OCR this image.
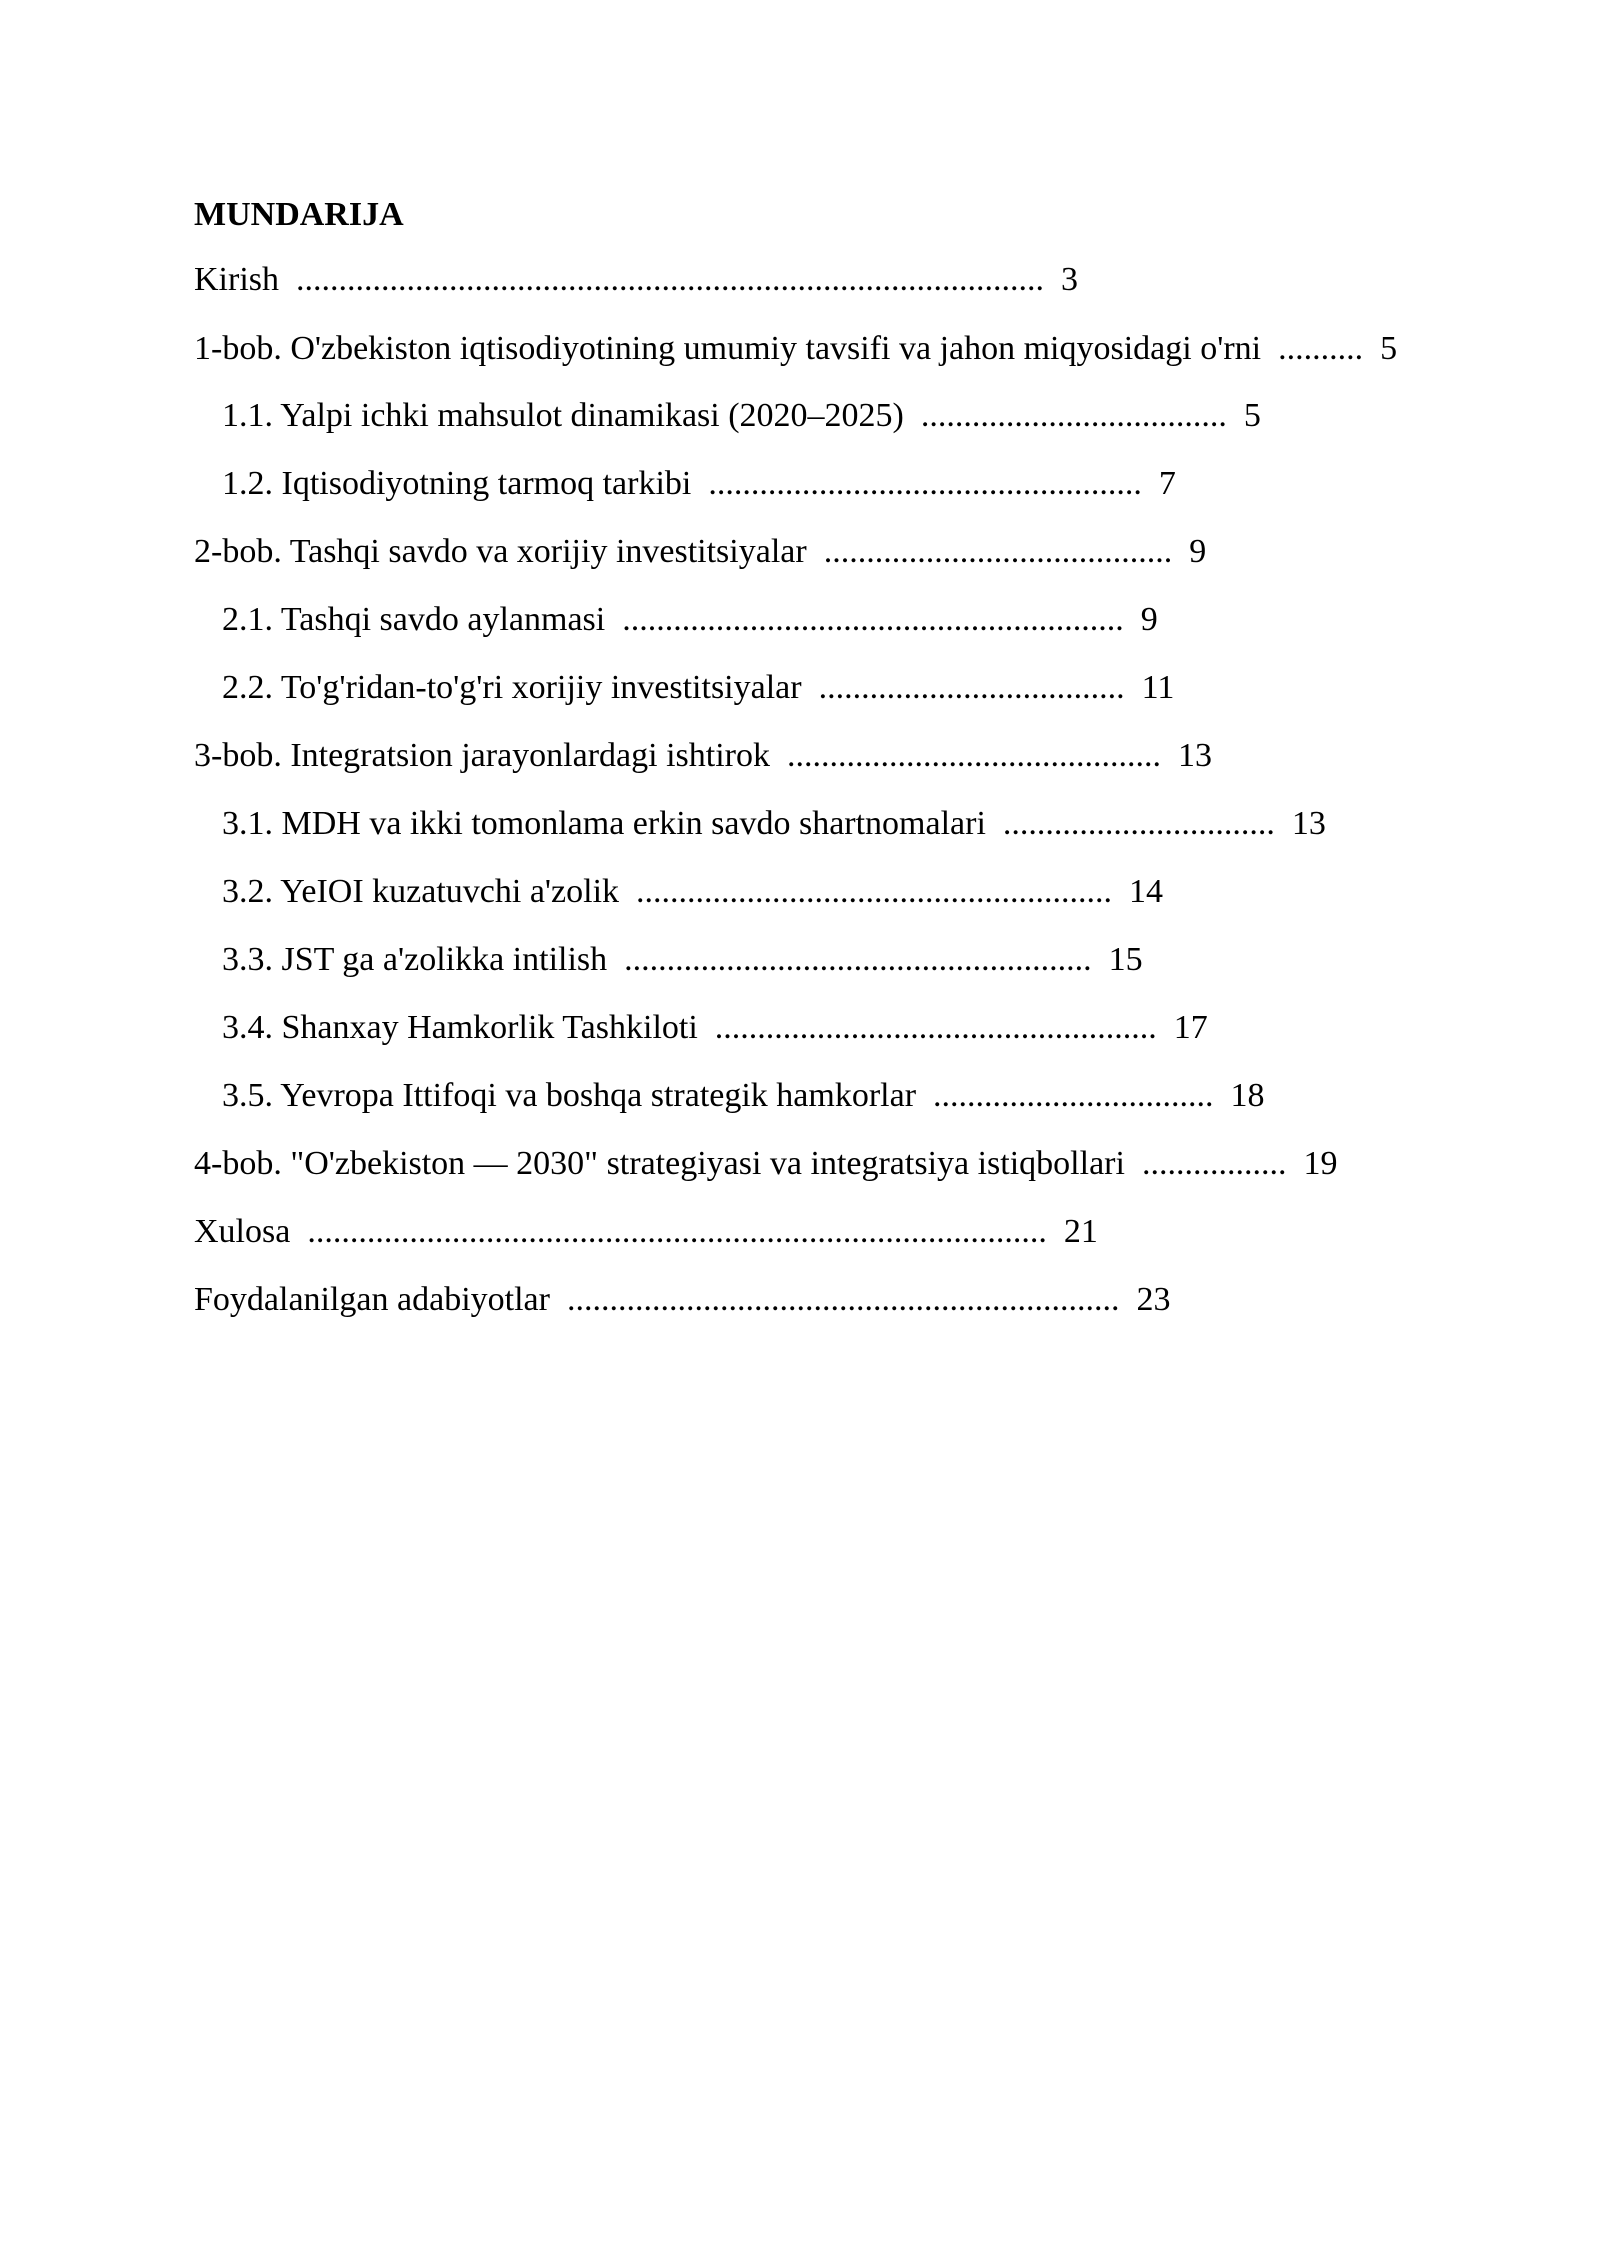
MUNDARIJA
Kirish ........................................................................................ 3
1-bob. O'zbekiston iqtisodiyotining umumiy tavsifi va jahon miqyosidagi o'rni .......... 5
1.1. Yalpi ichki mahsulot dinamikasi (2020–2025) .................................... 5
1.2. Iqtisodiyotning tarmoq tarkibi ................................................... 7
2-bob. Tashqi savdo va xorijiy investitsiyalar ......................................... 9
2.1. Tashqi savdo aylanmasi ........................................................... 9
2.2. To'g'ridan-to'g'ri xorijiy investitsiyalar .................................... 11
3-bob. Integratsion jarayonlardagi ishtirok ............................................ 13
3.1. MDH va ikki tomonlama erkin savdo shartnomalari ................................ 13
3.2. YeIOI kuzatuvchi a'zolik ........................................................ 14
3.3. JST ga a'zolikka intilish ....................................................... 15
3.4. Shanxay Hamkorlik Tashkiloti .................................................... 17
3.5. Yevropa Ittifoqi va boshqa strategik hamkorlar ................................. 18
4-bob. "O'zbekiston — 2030" strategiyasi va integratsiya istiqbollari ................. 19
Xulosa ....................................................................................... 21
Foydalanilgan adabiyotlar ................................................................. 23
